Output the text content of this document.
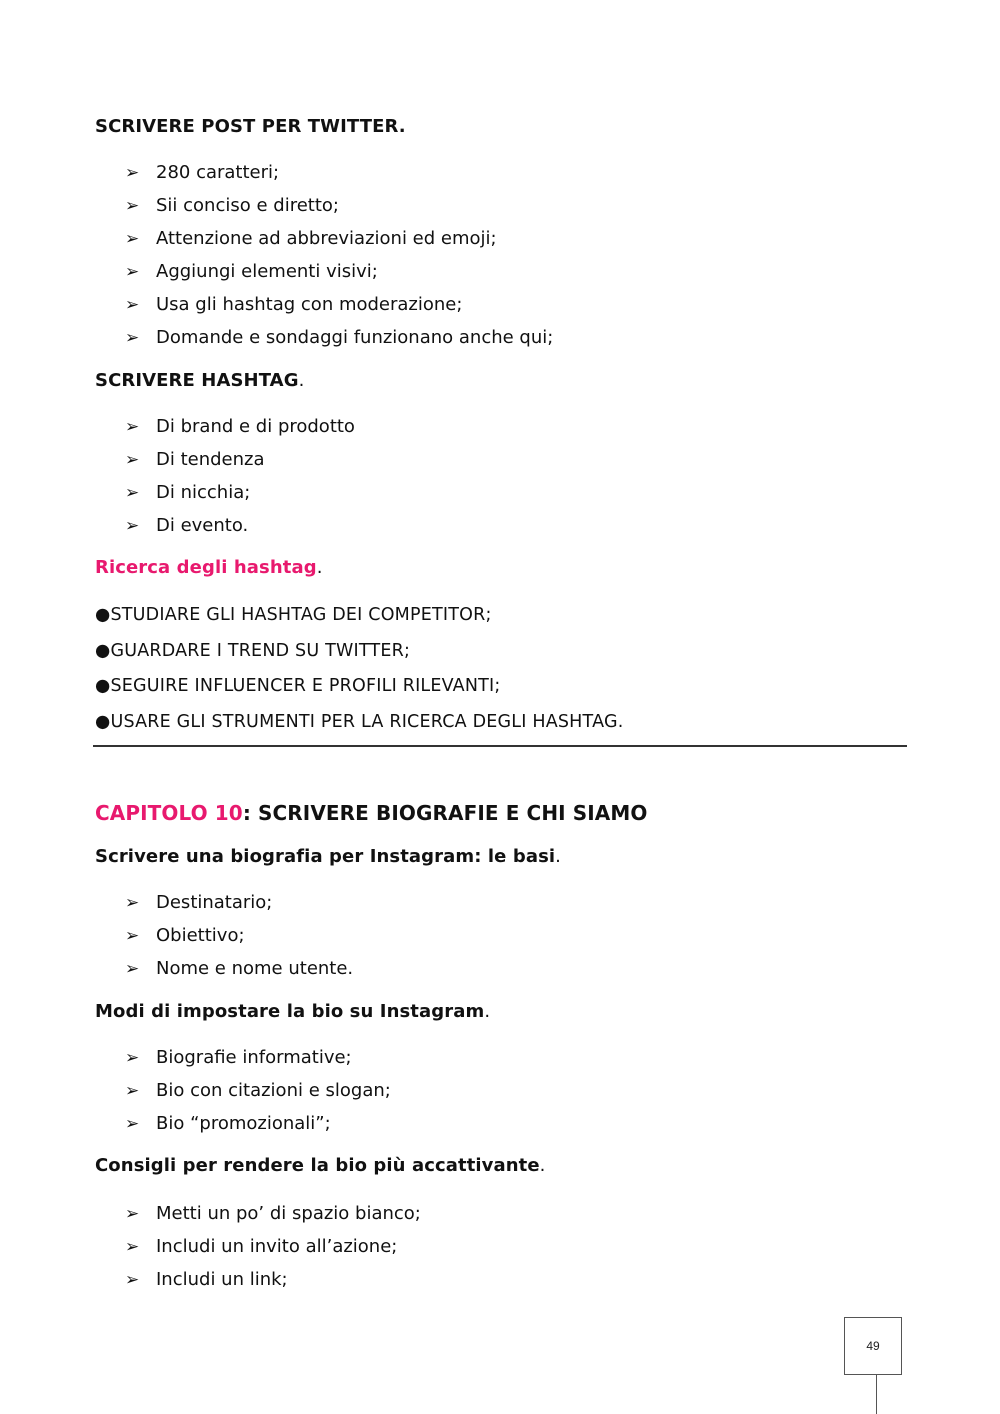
SCRIVERE POST PER TWITTER.
➢ 280 caratteri;
➢ Sii conciso e diretto;
➢ Attenzione ad abbreviazioni ed emoji;
➢ Aggiungi elementi visivi;
➢ Usa gli hashtag con moderazione;
➢ Domande e sondaggi funzionano anche qui;
SCRIVERE HASHTAG.
➢ Di brand e di prodotto
➢ Di tendenza
➢ Di nicchia;
➢ Di evento.
Ricerca degli hashtag.
●STUDIARE GLI HASHTAG DEI COMPETITOR;
●GUARDARE I TREND SU TWITTER;
●SEGUIRE INFLUENCER E PROFILI RILEVANTI;
●USARE GLI STRUMENTI PER LA RICERCA DEGLI HASHTAG.
CAPITOLO 10: SCRIVERE BIOGRAFIE E CHI SIAMO
Scrivere una biografia per Instagram: le basi.
➢ Destinatario;
➢ Obiettivo;
➢ Nome e nome utente.
Modi di impostare la bio su Instagram.
➢ Biografie informative;
➢ Bio con citazioni e slogan;
➢ Bio “promozionali”;
Consigli per rendere la bio più accattivante.
➢ Metti un po’ di spazio bianco;
➢ Includi un invito all’azione;
➢ Includi un link;
49
